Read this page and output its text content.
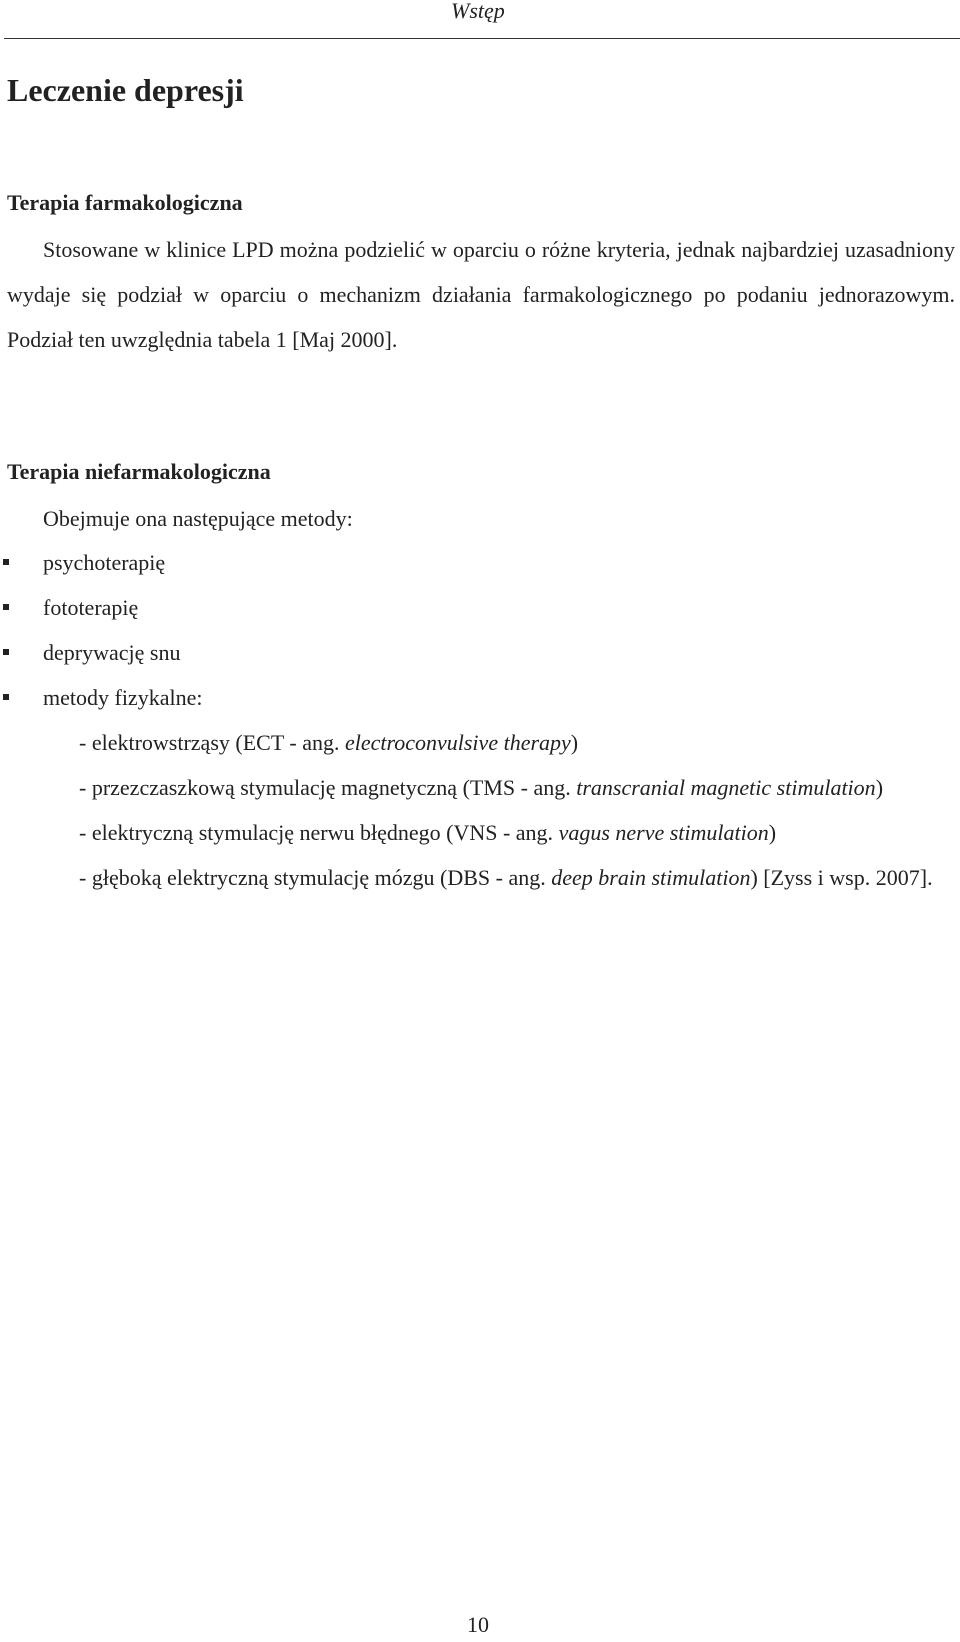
Wstęp
Leczenie depresji
Terapia farmakologiczna

Stosowane w klinice LPD można podzielić w oparciu o różne kryteria, jednak najbardziej uzasadniony wydaje się podział w oparciu o mechanizm działania farmakologicznego po podaniu jednorazowym. Podział ten uwzględnia tabela 1 [Maj 2000].

Terapia niefarmakologiczna

Obejmuje ona następujące metody:

psychoterapię
fototerapię
deprywację snu
metody fizykalne:
- elektrowstrząsy (ECT - ang. electroconvulsive therapy)
- przezczaszkową stymulację magnetyczną (TMS - ang. transcranial magnetic stimulation)
- elektryczną stymulację nerwu błędnego (VNS - ang. vagus nerve stimulation)
- głęboką elektryczną stymulację mózgu (DBS - ang. deep brain stimulation) [Zyss i wsp. 2007].
10
